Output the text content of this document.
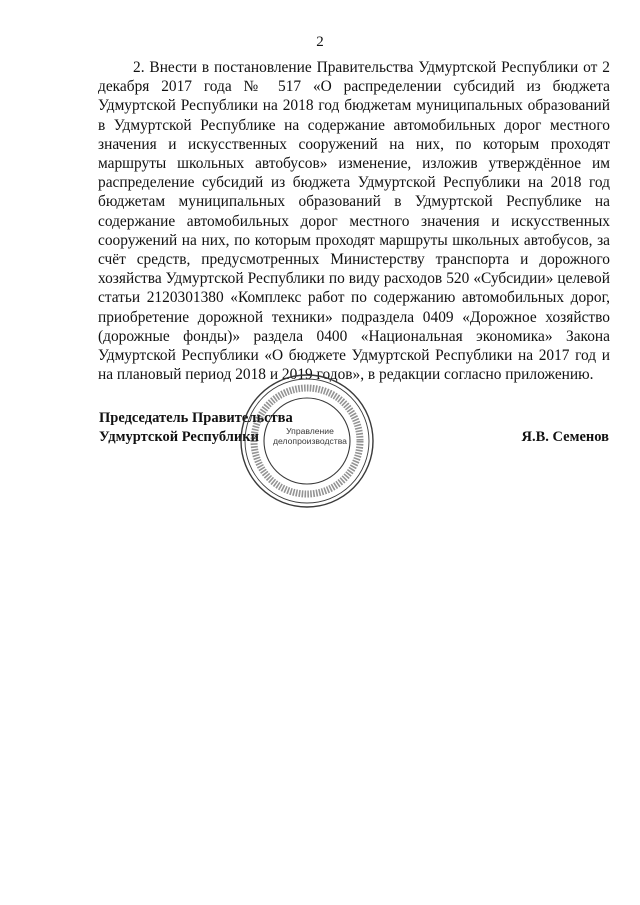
2

2. Внести в постановление Правительства Удмуртской Республики от 2 декабря 2017 года № 517 «О распределении субсидий из бюджета Удмуртской Республики на 2018 год бюджетам муниципальных образований в Удмуртской Республике на содержание автомобильных дорог местного значения и искусственных сооружений на них, по которым проходят маршруты школьных автобусов» изменение, изложив утверждённое им распределение субсидий из бюджета Удмуртской Республики на 2018 год бюджетам муниципальных образований в Удмуртской Республике на содержание автомобильных дорог местного значения и искусственных сооружений на них, по которым проходят маршруты школьных автобусов, за счёт средств, предусмотренных Министерству транспорта и дорожного хозяйства Удмуртской Республики по виду расходов 520 «Субсидии» целевой статьи 2120301380 «Комплекс работ по содержанию автомобильных дорог, приобретение дорожной техники» подраздела 0409 «Дорожное хозяйство (дорожные фонды)» раздела 0400 «Национальная экономика» Закона Удмуртской Республики «О бюджете Удмуртской Республики на 2017 год и на плановый период 2018 и 2019 годов», в редакции согласно приложению.

Председатель Правительства
Удмуртской Республики	Я.В. Семенов
Управление
делопроизводства
